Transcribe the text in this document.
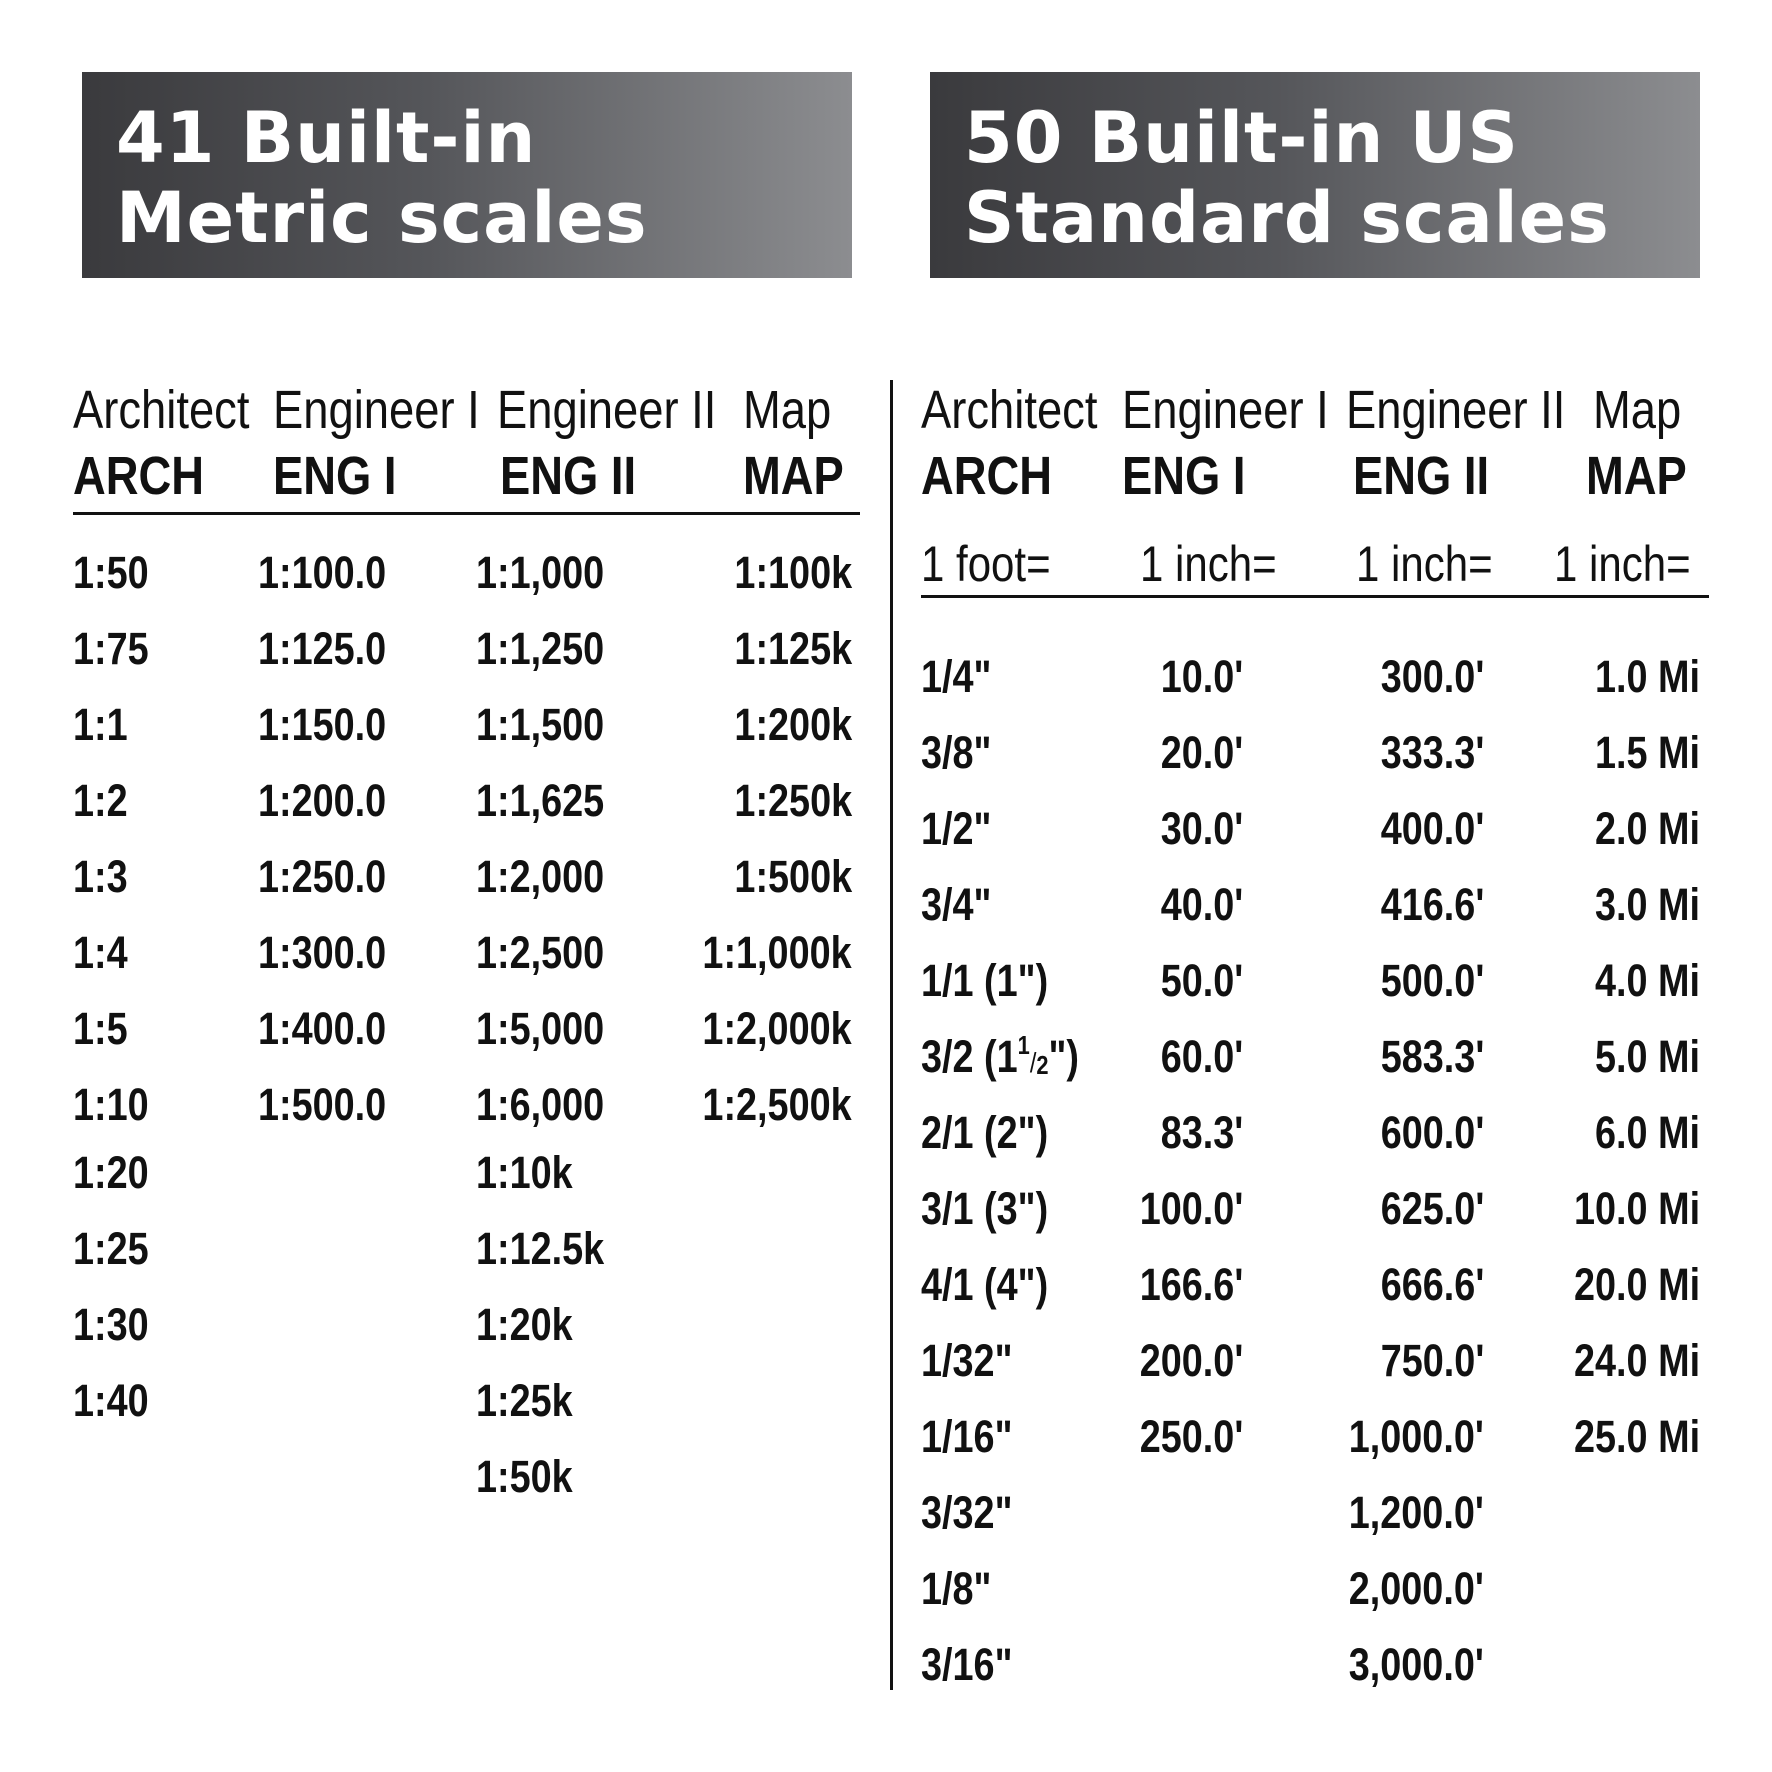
41 Built-in
Metric scales
50 Built-in US
Standard scales
Architect
ARCH
1:50
1:75
1:1
1:2
1:3
1:4
1:5
1:10
1:20
1:25
1:30
1:40
Engineer I
ENG I
1:100.0
1:125.0
1:150.0
1:200.0
1:250.0
1:300.0
1:400.0
1:500.0
Engineer II
ENG II
1:1,000
1:1,250
1:1,500
1:1,625
1:2,000
1:2,500
1:5,000
1:6,000
1:10k
1:12.5k
1:20k
1:25k
1:50k
Map
MAP
1:100k
1:125k
1:200k
1:250k
1:500k
1:1,000k
1:2,000k
1:2,500k
Architect
ARCH
1 foot=
1/4"
3/8"
1/2"
3/4"
1/1 (1")
3/2 $(1^1/_2")$
2/1 (2")
3/1 (3")
4/1 (4")
1/32"
1/16"
3/32"
1/8"
3/16"
Engineer I
ENG I
1 inch=
10.0'
20.0'
30.0'
40.0'
50.0'
60.0'
83.3'
100.0'
166.6'
200.0'
250.0'
Engineer II
ENG II
1 inch=
300.0'
333.3'
400.0'
416.6'
500.0'
583.3'
600.0'
625.0'
666.6'
750.0'
1,000.0'
1,200.0'
2,000.0'
3,000.0'
Map
MAP
1 inch=
1.0 Mi
1.5 Mi
2.0 Mi
3.0 Mi
4.0 Mi
5.0 Mi
6.0 Mi
10.0 Mi
20.0 Mi
24.0 Mi
25.0 Mi
